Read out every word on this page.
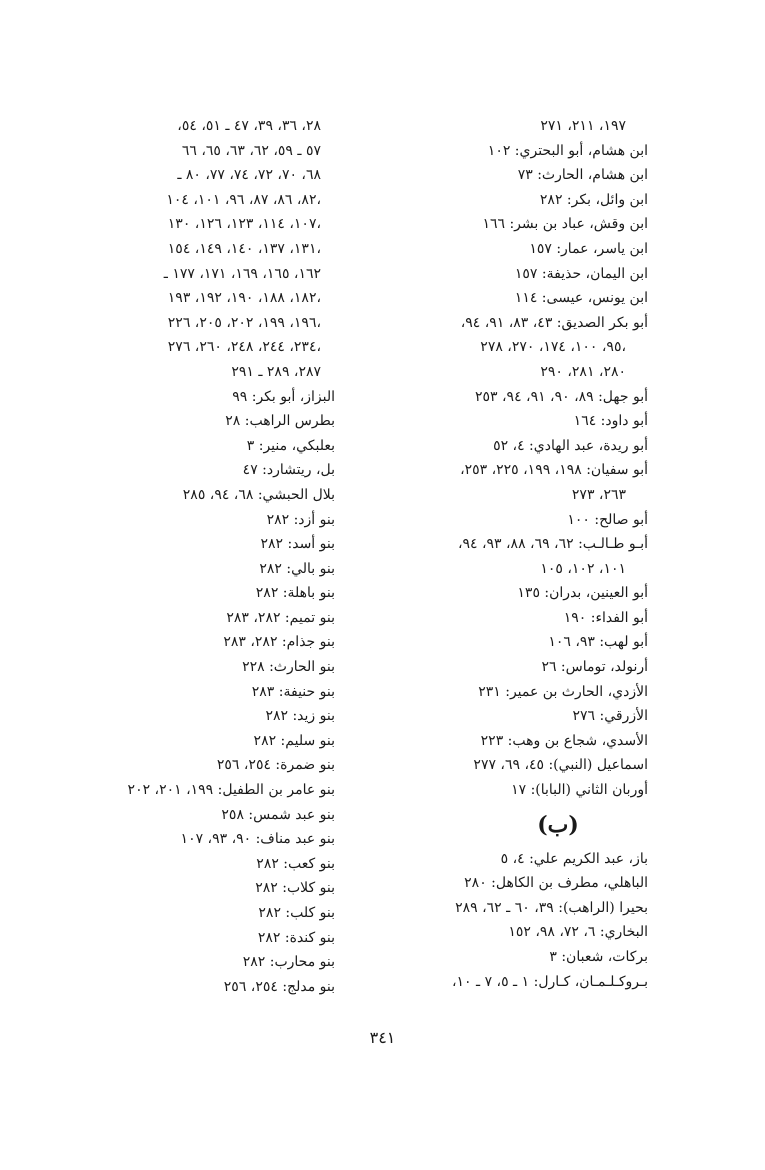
١٩٧، ٢١١، ٢٧١
ابن هشام، أبو البحتري: ١٠٢
ابن هشام، الحارث: ٧٣
ابن وائل، بكر: ٢٨٢
ابن وقش، عباد بن بشر: ١٦٦
ابن ياسر، عمار: ١٥٧
ابن اليمان، حذيفة: ١٥٧
ابن يونس، عيسى: ١١٤
أبو بكر الصديق: ٤٣، ٨٣، ٩١، ٩٤،
٩٥، ١٠٠، ١٧٤، ٢٧٠، ٢٧٨،
٢٨٠، ٢٨١، ٢٩٠
أبو جهل: ٨٩، ٩٠، ٩١، ٩٤، ٢٥٣
أبو داود: ١٦٤
أبو ريدة، عبد الهادي: ٤، ٥٢
أبو سفيان: ١٩٨، ١٩٩، ٢٢٥، ٢٥٣،
٢٦٣، ٢٧٣
أبو صالح: ١٠٠
أبـو طـالـب: ٦٢، ٦٩، ٨٨، ٩٣، ٩٤،
١٠١، ١٠٢، ١٠٥
أبو العينين، بدران: ١٣٥
أبو الفداء: ١٩٠
أبو لهب: ٩٣، ١٠٦
أرنولد، توماس: ٢٦
الأزدي، الحارث بن عمير: ٢٣١
الأزرقي: ٢٧٦
الأسدي، شجاع بن وهب: ٢٢٣
اسماعيل (النبي): ٤٥، ٦٩، ٢٧٧
أوربان الثاني (البابا): ١٧
(ب)
باز، عبد الكريم علي: ٤، ٥
الباهلي، مطرف بن الكاهل: ٢٨٠
بحيرا (الراهب): ٣٩، ٦٠ ـ ٦٢، ٢٨٩
البخاري: ٦، ٧٢، ٩٨، ١٥٢
بركات، شعبان: ٣
بـروكـلـمـان، كـارل: ١ ـ ٥، ٧ ـ ١٠،
٢٨، ٣٦، ٣٩، ٤٧ ـ ٥١، ٥٤،
٥٧ ـ ٥٩، ٦٢، ٦٣، ٦٥، ٦٦
٦٨، ٧٠، ٧٢، ٧٤، ٧٧، ٨٠ ـ
٨٢، ٨٦، ٨٧، ٩٦، ١٠١، ١٠٤،
١٠٧، ١١٤، ١٢٣، ١٢٦، ١٣٠،
١٣١، ١٣٧، ١٤٠، ١٤٩، ١٥٤،
١٦٢، ١٦٥، ١٦٩، ١٧١، ١٧٧ ـ
١٨٢، ١٨٨، ١٩٠، ١٩٢، ١٩٣،
١٩٦، ١٩٩، ٢٠٢، ٢٠٥، ٢٢٦،
٢٣٤، ٢٤٤، ٢٤٨، ٢٦٠، ٢٧٦،
٢٨٧، ٢٨٩ ـ ٢٩١
البزاز، أبو بكر: ٩٩
بطرس الراهب: ٢٨
بعلبكي، منير: ٣
بل، ريتشارد: ٤٧
بلال الحبشي: ٦٨، ٩٤، ٢٨٥
بنو أزد: ٢٨٢
بنو أسد: ٢٨٢
بنو بالي: ٢٨٢
بنو باهلة: ٢٨٢
بنو تميم: ٢٨٢، ٢٨٣
بنو جذام: ٢٨٢، ٢٨٣
بنو الحارث: ٢٢٨
بنو حنيفة: ٢٨٣
بنو زيد: ٢٨٢
بنو سليم: ٢٨٢
بنو ضمرة: ٢٥٤، ٢٥٦
بنو عامر بن الطفيل: ١٩٩، ٢٠١، ٢٠٢
بنو عبد شمس: ٢٥٨
بنو عبد مناف: ٩٠، ٩٣، ١٠٧
بنو كعب: ٢٨٢
بنو كلاب: ٢٨٢
بنو كلب: ٢٨٢
بنو كندة: ٢٨٢
بنو محارب: ٢٨٢
بنو مدلج: ٢٥٤، ٢٥٦
٣٤١
